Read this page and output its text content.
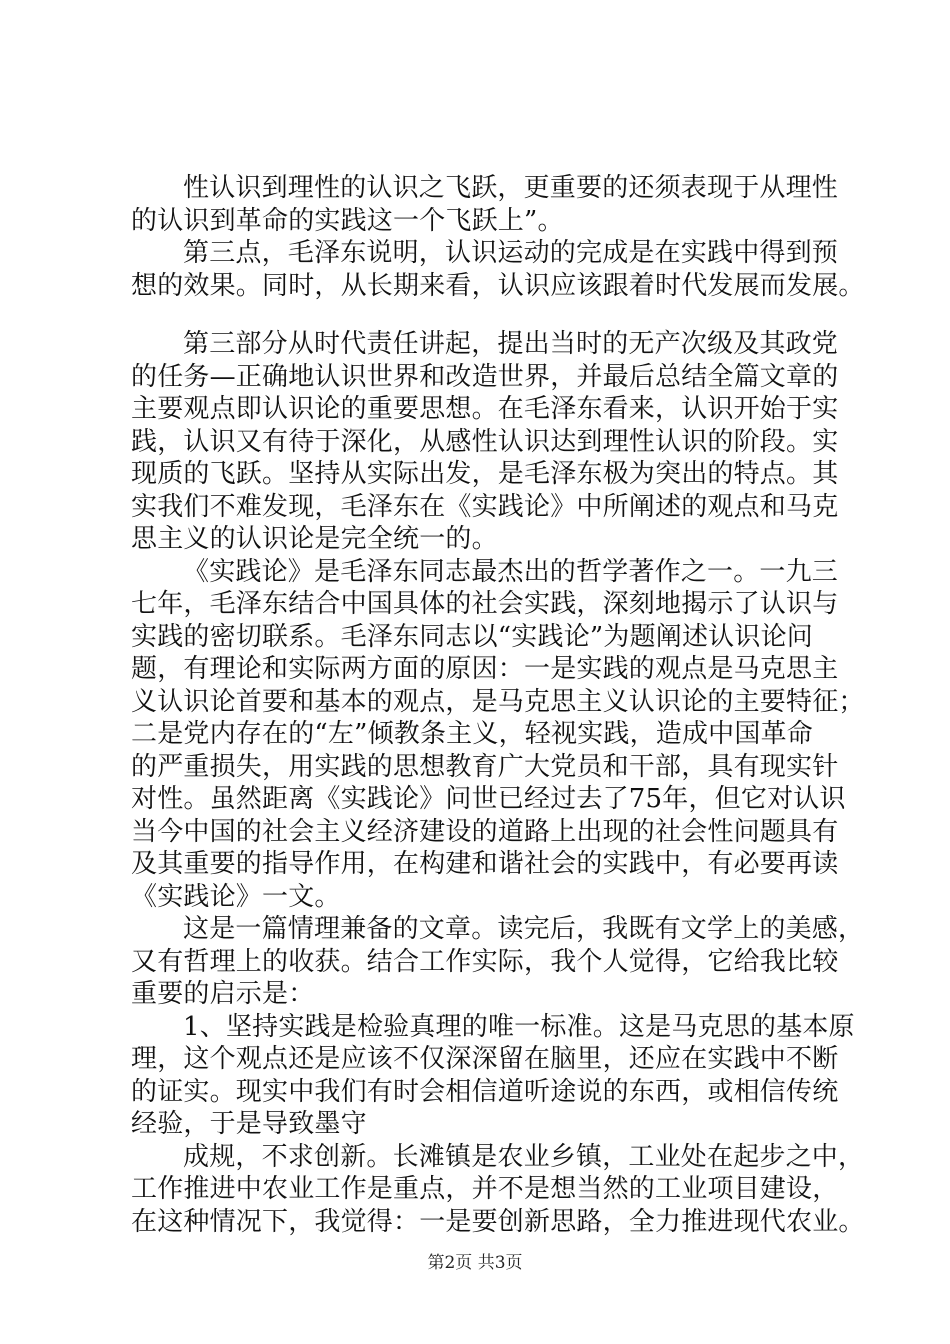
性认识到理性的认识之飞跃，更重要的还须表现于从理性
的认识到革命的实践这一个飞跃上”。
第三点，毛泽东说明，认识运动的完成是在实践中得到预
想的效果。同时，从长期来看，认识应该跟着时代发展而发展。
第三部分从时代责任讲起，提出当时的无产次级及其政党
的任务—正确地认识世界和改造世界，并最后总结全篇文章的
主要观点即认识论的重要思想。在毛泽东看来，认识开始于实
践，认识又有待于深化，从感性认识达到理性认识的阶段。实
现质的飞跃。坚持从实际出发，是毛泽东极为突出的特点。其
实我们不难发现，毛泽东在《实践论》中所阐述的观点和马克
思主义的认识论是完全统一的。
《实践论》是毛泽东同志最杰出的哲学著作之一。一九三
七年，毛泽东结合中国具体的社会实践，深刻地揭示了认识与
实践的密切联系。毛泽东同志以“实践论”为题阐述认识论问
题，有理论和实际两方面的原因：一是实践的观点是马克思主
义认识论首要和基本的观点，是马克思主义认识论的主要特征；
二是党内存在的“左”倾教条主义，轻视实践，造成中国革命
的严重损失，用实践的思想教育广大党员和干部，具有现实针
对性。虽然距离《实践论》问世已经过去了75年，但它对认识
当今中国的社会主义经济建设的道路上出现的社会性问题具有
及其重要的指导作用，在构建和谐社会的实践中，有必要再读
《实践论》一文。
这是一篇情理兼备的文章。读完后，我既有文学上的美感，
又有哲理上的收获。结合工作实际，我个人觉得，它给我比较
重要的启示是：
1、坚持实践是检验真理的唯一标准。这是马克思的基本原
理，这个观点还是应该不仅深深留在脑里，还应在实践中不断
的证实。现实中我们有时会相信道听途说的东西，或相信传统
经验，于是导致墨守
成规，不求创新。长滩镇是农业乡镇，工业处在起步之中，
工作推进中农业工作是重点，并不是想当然的工业项目建设，
在这种情况下，我觉得：一是要创新思路，全力推进现代农业。
第2页 共3页
